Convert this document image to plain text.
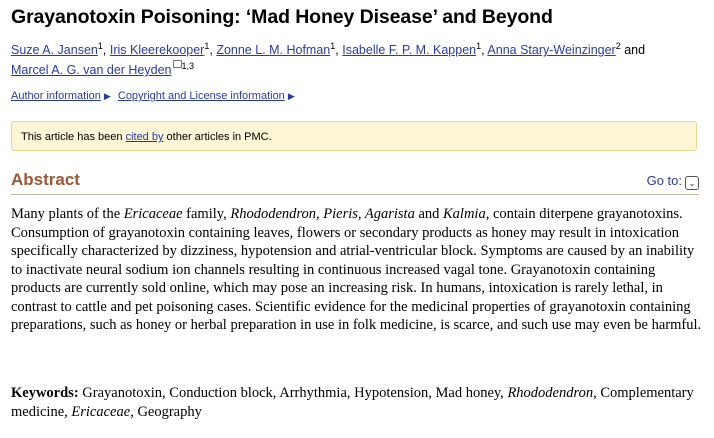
Grayanotoxin Poisoning: ‘Mad Honey Disease’ and Beyond
Suze A. Jansen$^1$, Iris Kleerekooper$^1$, Zonne L. M. Hofman$^1$, Isabelle F. P. M. Kappen$^1$, Anna Stary-Weinzinger$^2$ and
Marcel A. G. van der Heyden $^{1,3}$
Author information ▶ Copyright and License information ▶
This article has been cited by other articles in PMC.
Abstract	Go to: ⌄
Many plants of the Ericaceae family, Rhododendron, Pieris, Agarista and Kalmia, contain diterpene grayanotoxins. Consumption of grayanotoxin containing leaves, flowers or secondary products as honey may result in intoxication specifically characterized by dizziness, hypotension and atrial-ventricular block. Symptoms are caused by an inability to inactivate neural sodium ion channels resulting in continuous increased vagal tone. Grayanotoxin containing products are currently sold online, which may pose an increasing risk. In humans, intoxication is rarely lethal, in contrast to cattle and pet poisoning cases. Scientific evidence for the medicinal properties of grayanotoxin containing preparations, such as honey or herbal preparation in use in folk medicine, is scarce, and such use may even be harmful.
Keywords: Grayanotoxin, Conduction block, Arrhythmia, Hypotension, Mad honey, Rhododendron, Complementary medicine, Ericaceae, Geography
